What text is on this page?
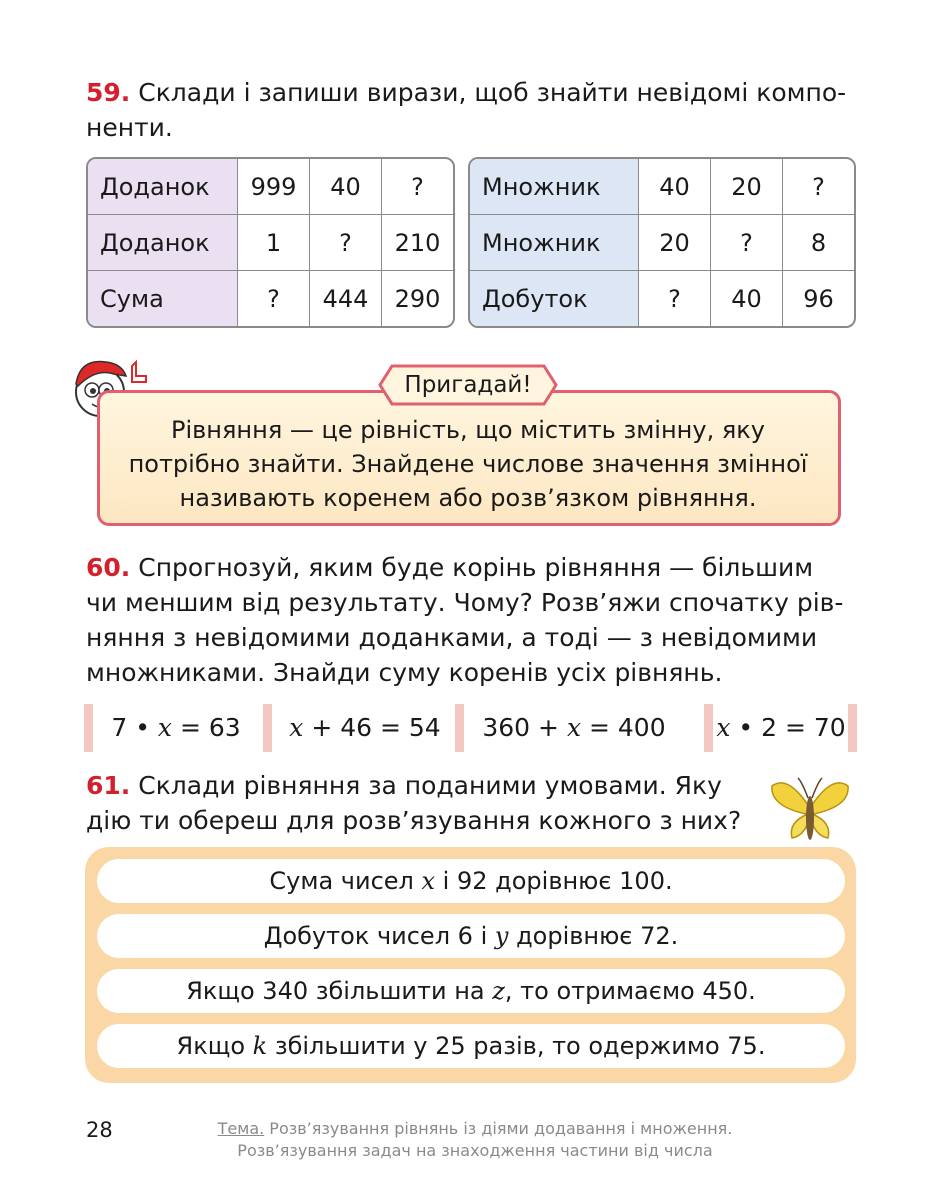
59. Склади і запиши вирази, щоб знайти невідомі компо-
ненти.
Доданок	999	40	?
Доданок	1	?	210
Сума	?	444	290
Множник	40	20	?
Множник	20	?	8
Добуток	?	40	96
Пригадай!
Рівняння — це рівність, що містить змінну, яку
потрібно знайти. Знайдене числове значення змінної
називають коренем або розв’язком рівняння.
60. Спрогнозуй, яким буде корінь рівняння — більшим
чи меншим від результату. Чому? Розв’яжи спочатку рів-
няння з невідомими доданками, а тоді — з невідомими
множниками. Знайди суму коренів усіх рівнянь.
7 • x = 63	x + 46 = 54	360 + x = 400	x • 2 = 70
61. Склади рівняння за поданими умовами. Яку
дію ти обереш для розв’язування кожного з них?
Сума чисел x і 92 дорівнює 100.
Добуток чисел 6 і y дорівнює 72.
Якщо 340 збільшити на z, то отримаємо 450.
Якщо k збільшити у 25 разів, то одержимо 75.
28	Тема. Розв’язування рівнянь із діями додавання і множення.
Розв’язування задач на знаходження частини від числа
